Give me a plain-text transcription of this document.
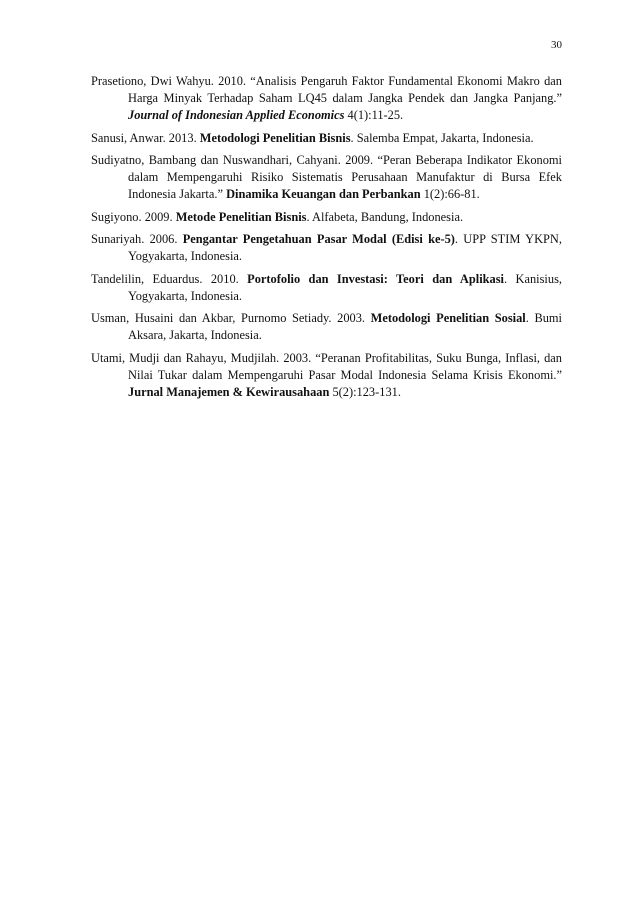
30

Prasetiono, Dwi Wahyu. 2010. “Analisis Pengaruh Faktor Fundamental Ekonomi Makro dan Harga Minyak Terhadap Saham LQ45 dalam Jangka Pendek dan Jangka Panjang.” Journal of Indonesian Applied Economics 4(1):11-25.

Sanusi, Anwar. 2013. Metodologi Penelitian Bisnis. Salemba Empat, Jakarta, Indonesia.

Sudiyatno, Bambang dan Nuswandhari, Cahyani. 2009. “Peran Beberapa Indikator Ekonomi dalam Mempengaruhi Risiko Sistematis Perusahaan Manufaktur di Bursa Efek Indonesia Jakarta.” Dinamika Keuangan dan Perbankan 1(2):66-81.

Sugiyono. 2009. Metode Penelitian Bisnis. Alfabeta, Bandung, Indonesia.

Sunariyah. 2006. Pengantar Pengetahuan Pasar Modal (Edisi ke-5). UPP STIM YKPN, Yogyakarta, Indonesia.

Tandelilin, Eduardus. 2010. Portofolio dan Investasi: Teori dan Aplikasi. Kanisius, Yogyakarta, Indonesia.

Usman, Husaini dan Akbar, Purnomo Setiady. 2003. Metodologi Penelitian Sosial. Bumi Aksara, Jakarta, Indonesia.

Utami, Mudji dan Rahayu, Mudjilah. 2003. “Peranan Profitabilitas, Suku Bunga, Inflasi, dan Nilai Tukar dalam Mempengaruhi Pasar Modal Indonesia Selama Krisis Ekonomi.” Jurnal Manajemen & Kewirausahaan 5(2):123-131.
